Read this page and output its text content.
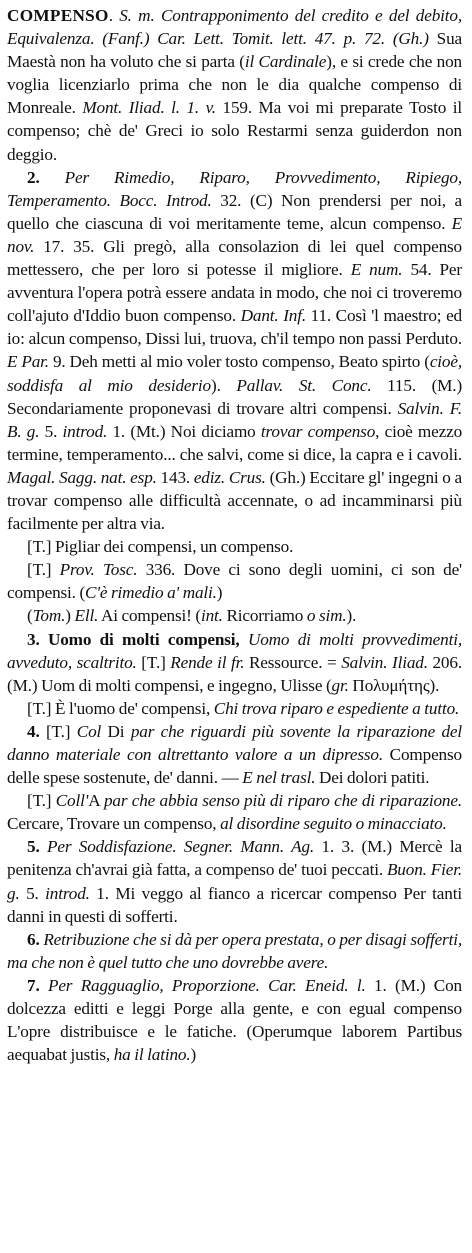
COMPENSO. S. m. Contrapponimento del credito e del debito, Equivalenza. (Fanf.) Car. Lett. Tomit. lett. 47. p. 72. (Gh.) Sua Maestà non ha voluto che si parta (il Cardinale), e si crede che non voglia licenziarlo prima che non le dia qualche compenso di Monreale. Mont. Iliad. l. 1. v. 159. Ma voi mi preparate Tosto il compenso; chè de' Greci io solo Restarmi senza guiderdon non deggio.

2. Per Rimedio, Riparo, Provvedimento, Ripiego, Temperamento. Bocc. Introd. 32. (C) Non prendersi per noi, a quello che ciascuna di voi meritamente teme, alcun compenso. E nov. 17. 35. Gli pregò, alla consolazion di lei quel compenso mettessero, che per loro si potesse il migliore. E num. 54. Per avventura l'opera potrà essere andata in modo, che noi ci troveremo coll'ajuto d'Iddio buon compenso. Dant. Inf. 11. Così 'l maestro; ed io: alcun compenso, Dissi lui, truova, ch'il tempo non passi Perduto. E Par. 9. Deh metti al mio voler tosto compenso, Beato spirto (cioè, soddisfa al mio desiderio). Pallav. St. Conc. 115. (M.) Secondariamente proponevasi di trovare altri compensi. Salvin. F. B. g. 5. introd. 1. (Mt.) Noi diciamo trovar compenso, cioè mezzo termine, temperamento... che salvi, come si dice, la capra e i cavoli. Magal. Sagg. nat. esp. 143. ediz. Crus. (Gh.) Eccitare gl' ingegni o a trovar compenso alle difficultà accennate, o ad incamminarsi più facilmente per altra via.

[T.] Pigliar dei compensi, un compenso.

[T.] Prov. Tosc. 336. Dove ci sono degli uomini, ci son de' compensi. (C'è rimedio a' mali.)

(Tom.) Ell. Ai compensi! (int. Ricorriamo o sim.).

3. Uomo di molti compensi, Uomo di molti provvedimenti, avveduto, scaltrito. [T.] Rende il fr. Ressource. = Salvin. Iliad. 206. (M.) Uom di molti compensi, e ingegno, Ulisse (gr. Πολυμήτης).

[T.] È l'uomo de' compensi, Chi trova riparo e espediente a tutto.

4. [T.] Col Di par che riguardi più sovente la riparazione del danno materiale con altrettanto valore a un dipresso. Compenso delle spese sostenute, de' danni. — E nel trasl. Dei dolori patiti.

[T.] Coll'A par che abbia senso più di riparo che di riparazione. Cercare, Trovare un compenso, al disordine seguito o minacciato.

5. Per Soddisfazione. Segner. Mann. Ag. 1. 3. (M.) Mercè la penitenza ch'avrai già fatta, a compenso de' tuoi peccati. Buon. Fier. g. 5. introd. 1. Mi veggo al fianco a ricercar compenso Per tanti danni in questi di sofferti.

6. Retribuzione che si dà per opera prestata, o per disagi sofferti, ma che non è quel tutto che uno dovrebbe avere.

7. Per Ragguaglio, Proporzione. Car. Eneid. l. 1. (M.) Con dolcezza editti e leggi Porge alla gente, e con egual compenso L'opre distribuisce e le fatiche. (Operumque laborem Partibus aequabat justis, ha il latino.)
